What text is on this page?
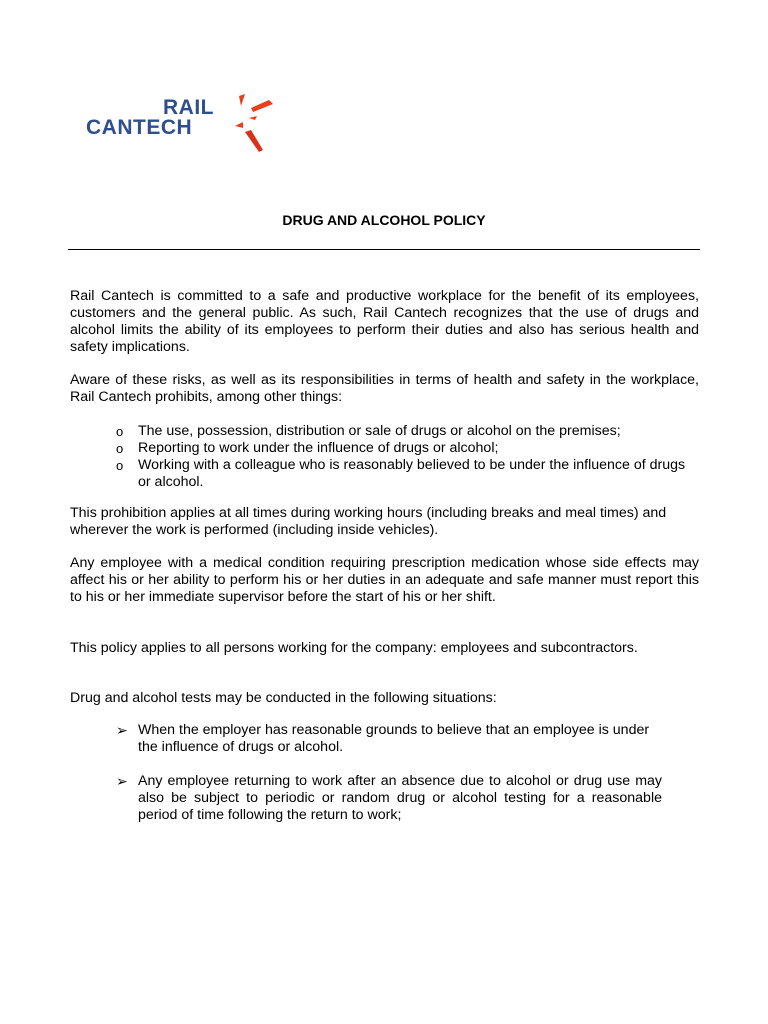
RAIL
CANTECH
DRUG AND ALCOHOL POLICY

Rail Cantech is committed to a safe and productive workplace for the benefit of its employees, customers and the general public. As such, Rail Cantech recognizes that the use of drugs and alcohol limits the ability of its employees to perform their duties and also has serious health and safety implications.

Aware of these risks, as well as its responsibilities in terms of health and safety in the workplace, Rail Cantech prohibits, among other things:

o The use, possession, distribution or sale of drugs or alcohol on the premises;
o Reporting to work under the influence of drugs or alcohol;
o Working with a colleague who is reasonably believed to be under the influence of drugs or alcohol.

This prohibition applies at all times during working hours (including breaks and meal times) and wherever the work is performed (including inside vehicles).

Any employee with a medical condition requiring prescription medication whose side effects may affect his or her ability to perform his or her duties in an adequate and safe manner must report this to his or her immediate supervisor before the start of his or her shift.

This policy applies to all persons working for the company: employees and subcontractors.

Drug and alcohol tests may be conducted in the following situations:

➢ When the employer has reasonable grounds to believe that an employee is under the influence of drugs or alcohol.
➢ Any employee returning to work after an absence due to alcohol or drug use may also be subject to periodic or random drug or alcohol testing for a reasonable period of time following the return to work;
